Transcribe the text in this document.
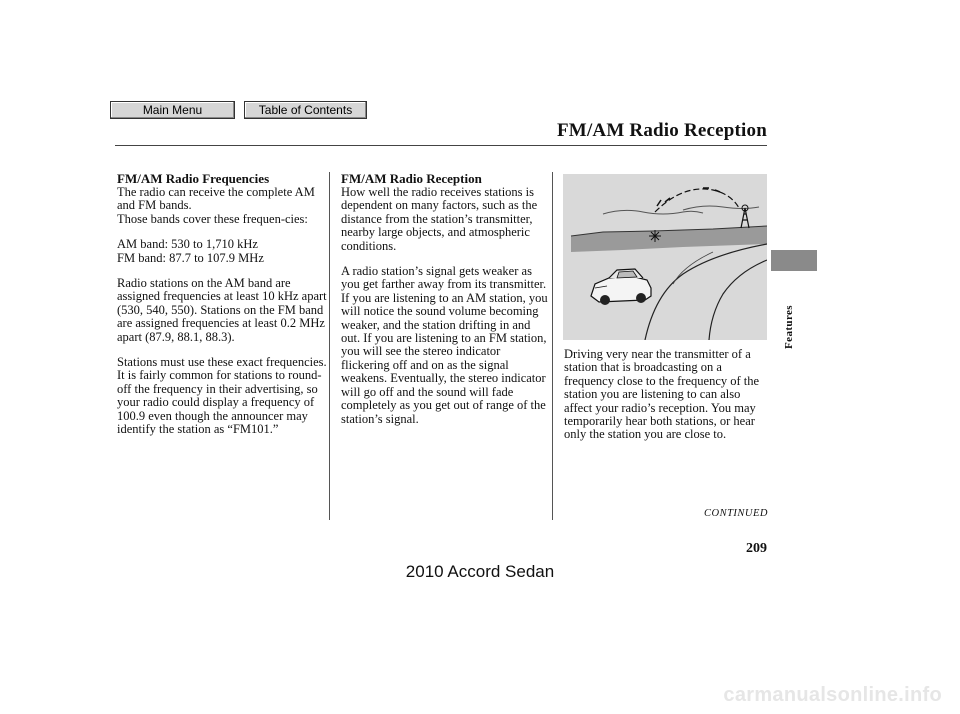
Main Menu	Table of Contents
FM/AM Radio Reception
FM/AM Radio Frequencies

The radio can receive the complete AM and FM bands.

Those bands cover these frequen-cies:

AM band: 530 to 1,710 kHz
FM band: 87.7 to 107.9 MHz

Radio stations on the AM band are assigned frequencies at least 10 kHz apart (530, 540, 550). Stations on the FM band are assigned frequencies at least 0.2 MHz apart (87.9, 88.1, 88.3).

Stations must use these exact frequencies. It is fairly common for stations to round-off the frequency in their advertising, so your radio could display a frequency of 100.9 even though the announcer may identify the station as “FM101.”

FM/AM Radio Reception

How well the radio receives stations is dependent on many factors, such as the distance from the station’s transmitter, nearby large objects, and atmospheric conditions.

A radio station’s signal gets weaker as you get farther away from its transmitter. If you are listening to an AM station, you will notice the sound volume becoming weaker, and the station drifting in and out. If you are listening to an FM station, you will see the stereo indicator flickering off and on as the signal weakens. Eventually, the stereo indicator will go off and the sound will fade completely as you get out of range of the station’s signal.

Driving very near the transmitter of a station that is broadcasting on a frequency close to the frequency of the station you are listening to can also affect your radio’s reception. You may temporarily hear both stations, or hear only the station you are close to.

CONTINUED
209
Features
2010 Accord Sedan
carmanualsonline.info
